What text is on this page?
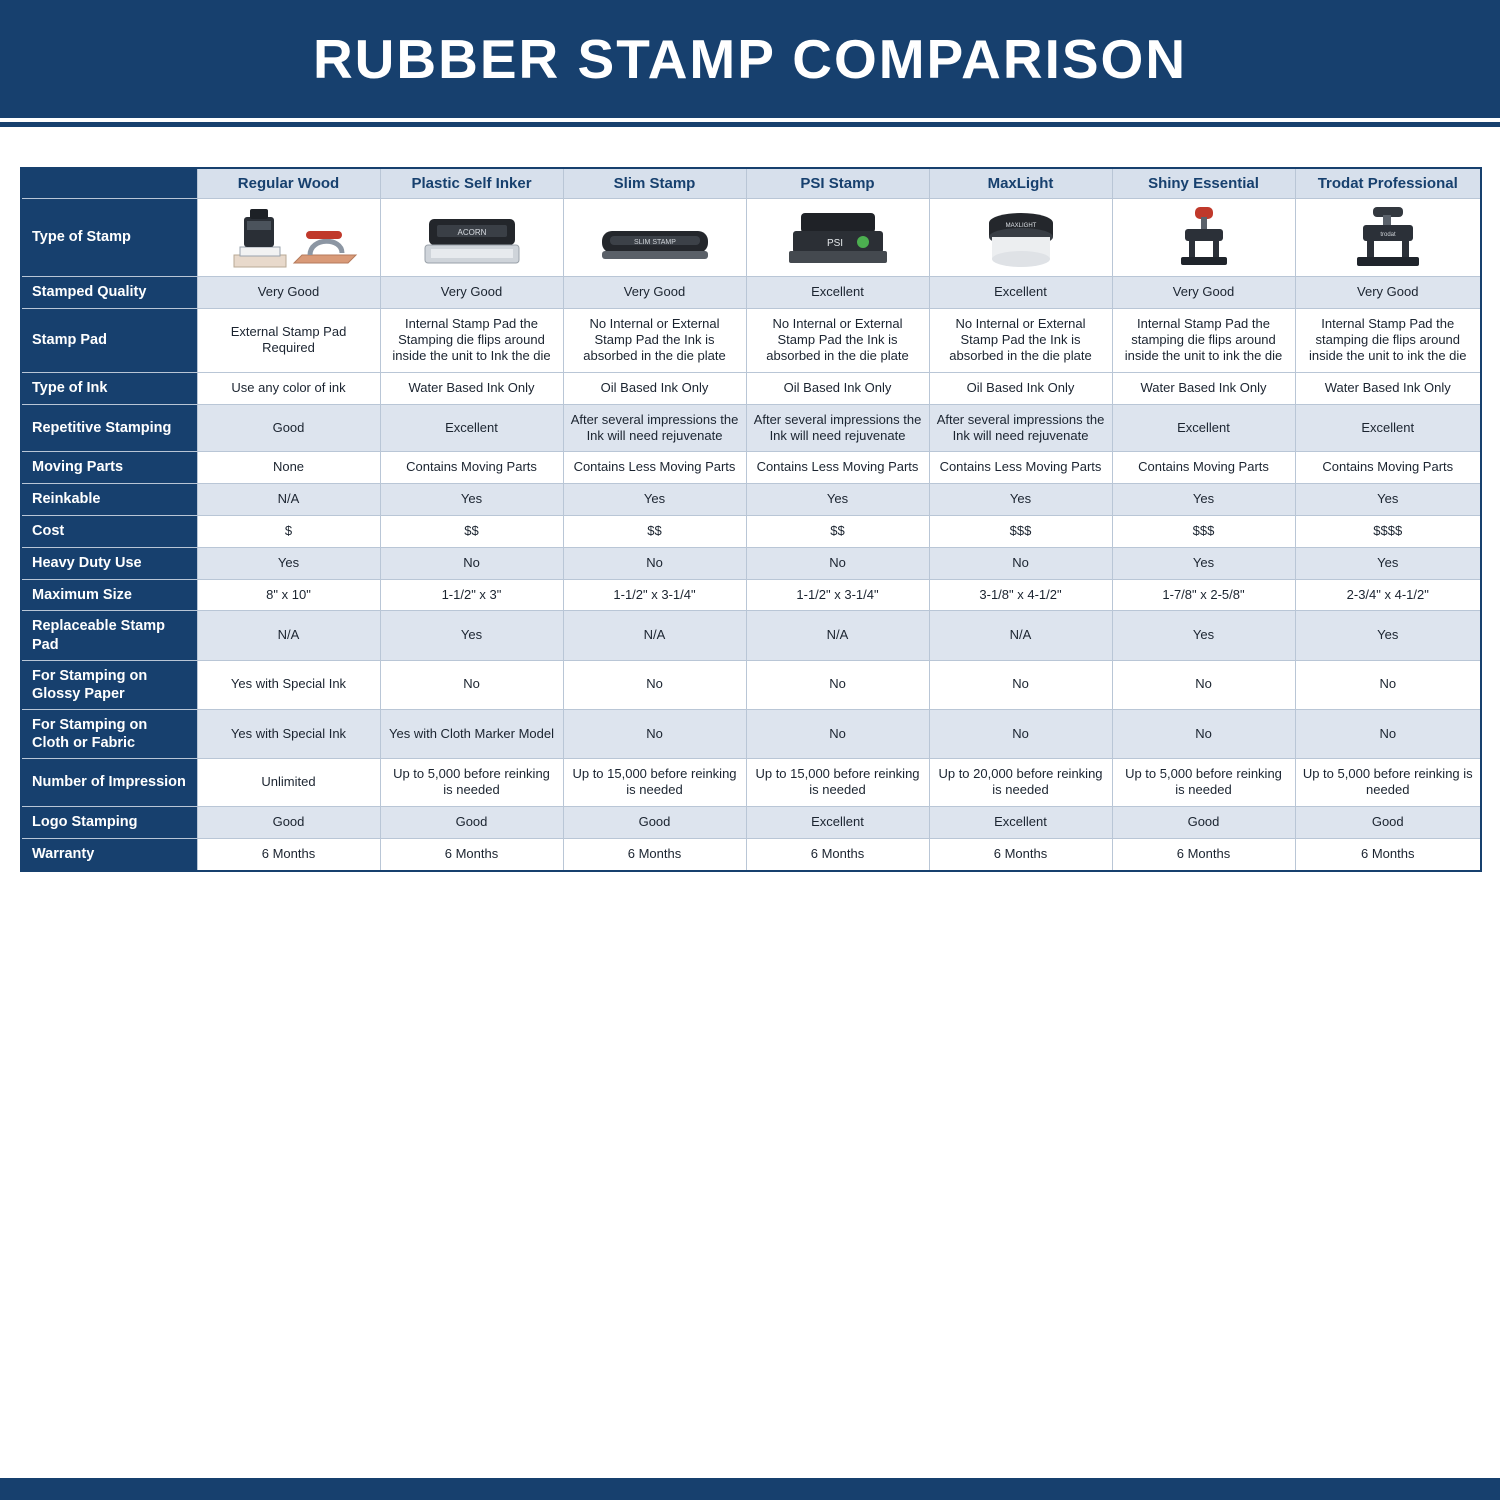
RUBBER STAMP COMPARISON
	Regular Wood	Plastic Self Inker	Slim Stamp	PSI Stamp	MaxLight	Shiny Essential	Trodat Professional
Type of Stamp		ACORN	SLIM STAMP	PSI	MAXLIGHT		trodat

Stamped Quality	Very Good	Very Good	Very Good	Excellent	Excellent	Very Good	Very Good
Stamp Pad	External Stamp Pad Required	Internal Stamp Pad the Stamping die flips around inside the unit to Ink the die	No Internal or External Stamp Pad the Ink is absorbed in the die plate	No Internal or External Stamp Pad the Ink is absorbed in the die plate	No Internal or External Stamp Pad the Ink is absorbed in the die plate	Internal Stamp Pad the stamping die flips around inside the unit to ink the die	Internal Stamp Pad the stamping die flips around inside the unit to ink the die
Type of Ink	Use any color of ink	Water Based Ink Only	Oil Based Ink Only	Oil Based Ink Only	Oil Based Ink Only	Water Based Ink Only	Water Based Ink Only
Repetitive Stamping	Good	Excellent	After several impressions the Ink will need rejuvenate	After several impressions the Ink will need rejuvenate	After several impressions the Ink will need rejuvenate	Excellent	Excellent
Moving Parts	None	Contains Moving Parts	Contains Less Moving Parts	Contains Less Moving Parts	Contains Less Moving Parts	Contains Moving Parts	Contains Moving Parts
Reinkable	N/A	Yes	Yes	Yes	Yes	Yes	Yes
Cost	$	$$	$$	$$	$$$	$$$	$$$$
Heavy Duty Use	Yes	No	No	No	No	Yes	Yes
Maximum Size	8" x 10"	1-1/2" x 3"	1-1/2" x 3-1/4"	1-1/2" x 3-1/4"	3-1/8" x 4-1/2"	1-7/8" x 2-5/8"	2-3/4" x 4-1/2"
Replaceable Stamp Pad	N/A	Yes	N/A	N/A	N/A	Yes	Yes
For Stamping on Glossy Paper	Yes with Special Ink	No	No	No	No	No	No
For Stamping on Cloth or Fabric	Yes with Special Ink	Yes with Cloth Marker Model	No	No	No	No	No
Number of Impression	Unlimited	Up to 5,000 before reinking is needed	Up to 15,000 before reinking is needed	Up to 15,000 before reinking is needed	Up to 20,000 before reinking is needed	Up to 5,000 before reinking is needed	Up to 5,000 before reinking is needed
Logo Stamping	Good	Good	Good	Excellent	Excellent	Good	Good
Warranty	6 Months	6 Months	6 Months	6 Months	6 Months	6 Months	6 Months
